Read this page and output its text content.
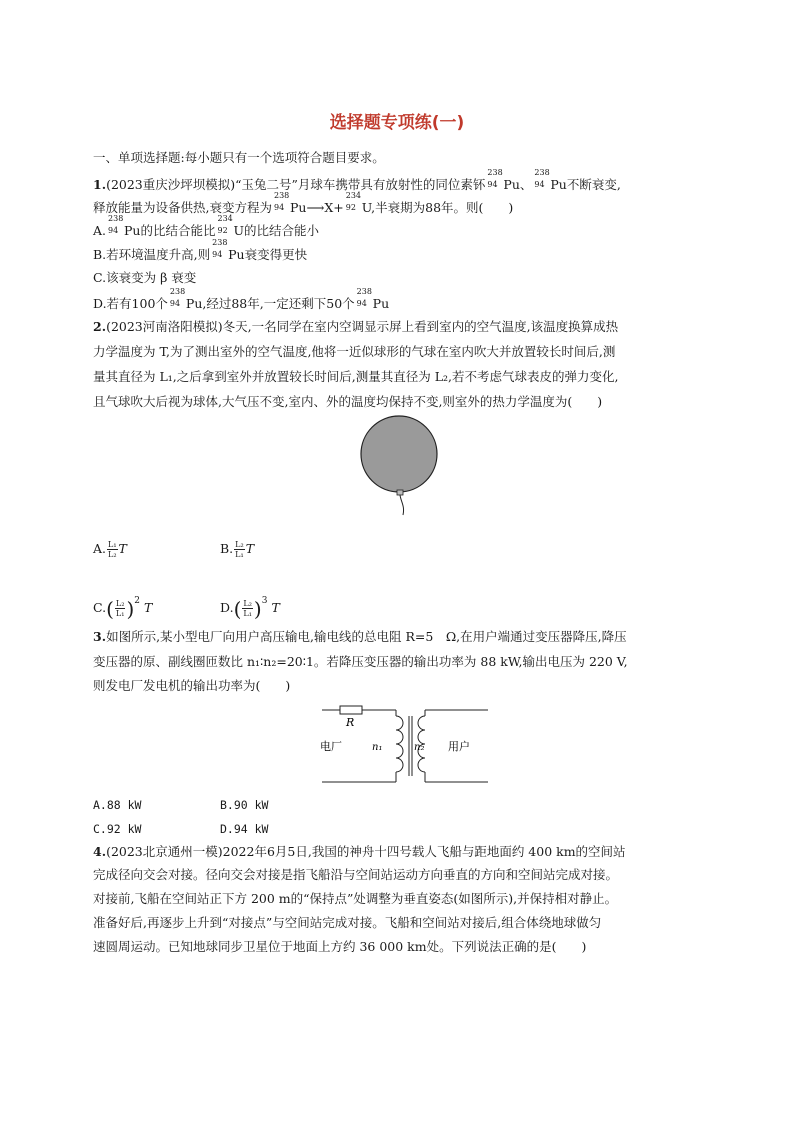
选择题专项练(一)
一、单项选择题:每小题只有一个选项符合题目要求。
1.(2023重庆沙坪坝模拟)“玉兔二号”月球车携带具有放射性的同位素钚
238
94 Pu、
238
94 Pu不断衰变,
释放能量为设备供热,衰变方程为
238
94 Pu⟶X+
234
92 U,半衰期为88年。则(　　)
A.
238
94 Pu的比结合能比
234
92 U的比结合能小
B.若环境温度升高,则
238
94 Pu衰变得更快
C.该衰变为 β 衰变
D.若有100个
238
94 Pu,经过88年,一定还剩下50个
238
94 Pu
2.(2023河南洛阳模拟)冬天,一名同学在室内空调显示屏上看到室内的空气温度,该温度换算成热
力学温度为 T,为了测出室外的空气温度,他将一近似球形的气球在室内吹大并放置较长时间后,测
量其直径为 L₁,之后拿到室外并放置较长时间后,测量其直径为 L₂,若不考虑气球表皮的弹力变化,
且气球吹大后视为球体,大气压不变,室内、外的温度均保持不变,则室外的热力学温度为(　　)
A. $\frac{\text{L₁}}{\text{L₂}}$ T	B. $\frac{\text{L₂}}{\text{L₁}}$ T
$C.( \frac{\text{L₂}}{\text{L₁}} )^2$ T	$D.( \frac{\text{L₂}}{\text{L₁}} )^3$ T
3.如图所示,某小型电厂向用户高压输电,输电线的总电阻 R=5　Ω,在用户端通过变压器降压,降压
变压器的原、副线圈匝数比 n₁∶n₂=20∶1。若降压变压器的输出功率为 88 kW,输出电压为 220 V,
则发电厂发电机的输出功率为(　　)
R
电厂	n₁	n₂ 用户
A.88 kW	B.90 kW
C.92 kW	D.94 kW
4.(2023北京通州一模)2022年6月5日,我国的神舟十四号载人飞船与距地面约 400 km的空间站
完成径向交会对接。径向交会对接是指飞船沿与空间站运动方向垂直的方向和空间站完成对接。
对接前,飞船在空间站正下方 200 m的“保持点”处调整为垂直姿态(如图所示),并保持相对静止。
准备好后,再逐步上升到“对接点”与空间站完成对接。飞船和空间站对接后,组合体绕地球做匀
速圆周运动。已知地球同步卫星位于地面上方约 36 000 km处。下列说法正确的是(　　)
